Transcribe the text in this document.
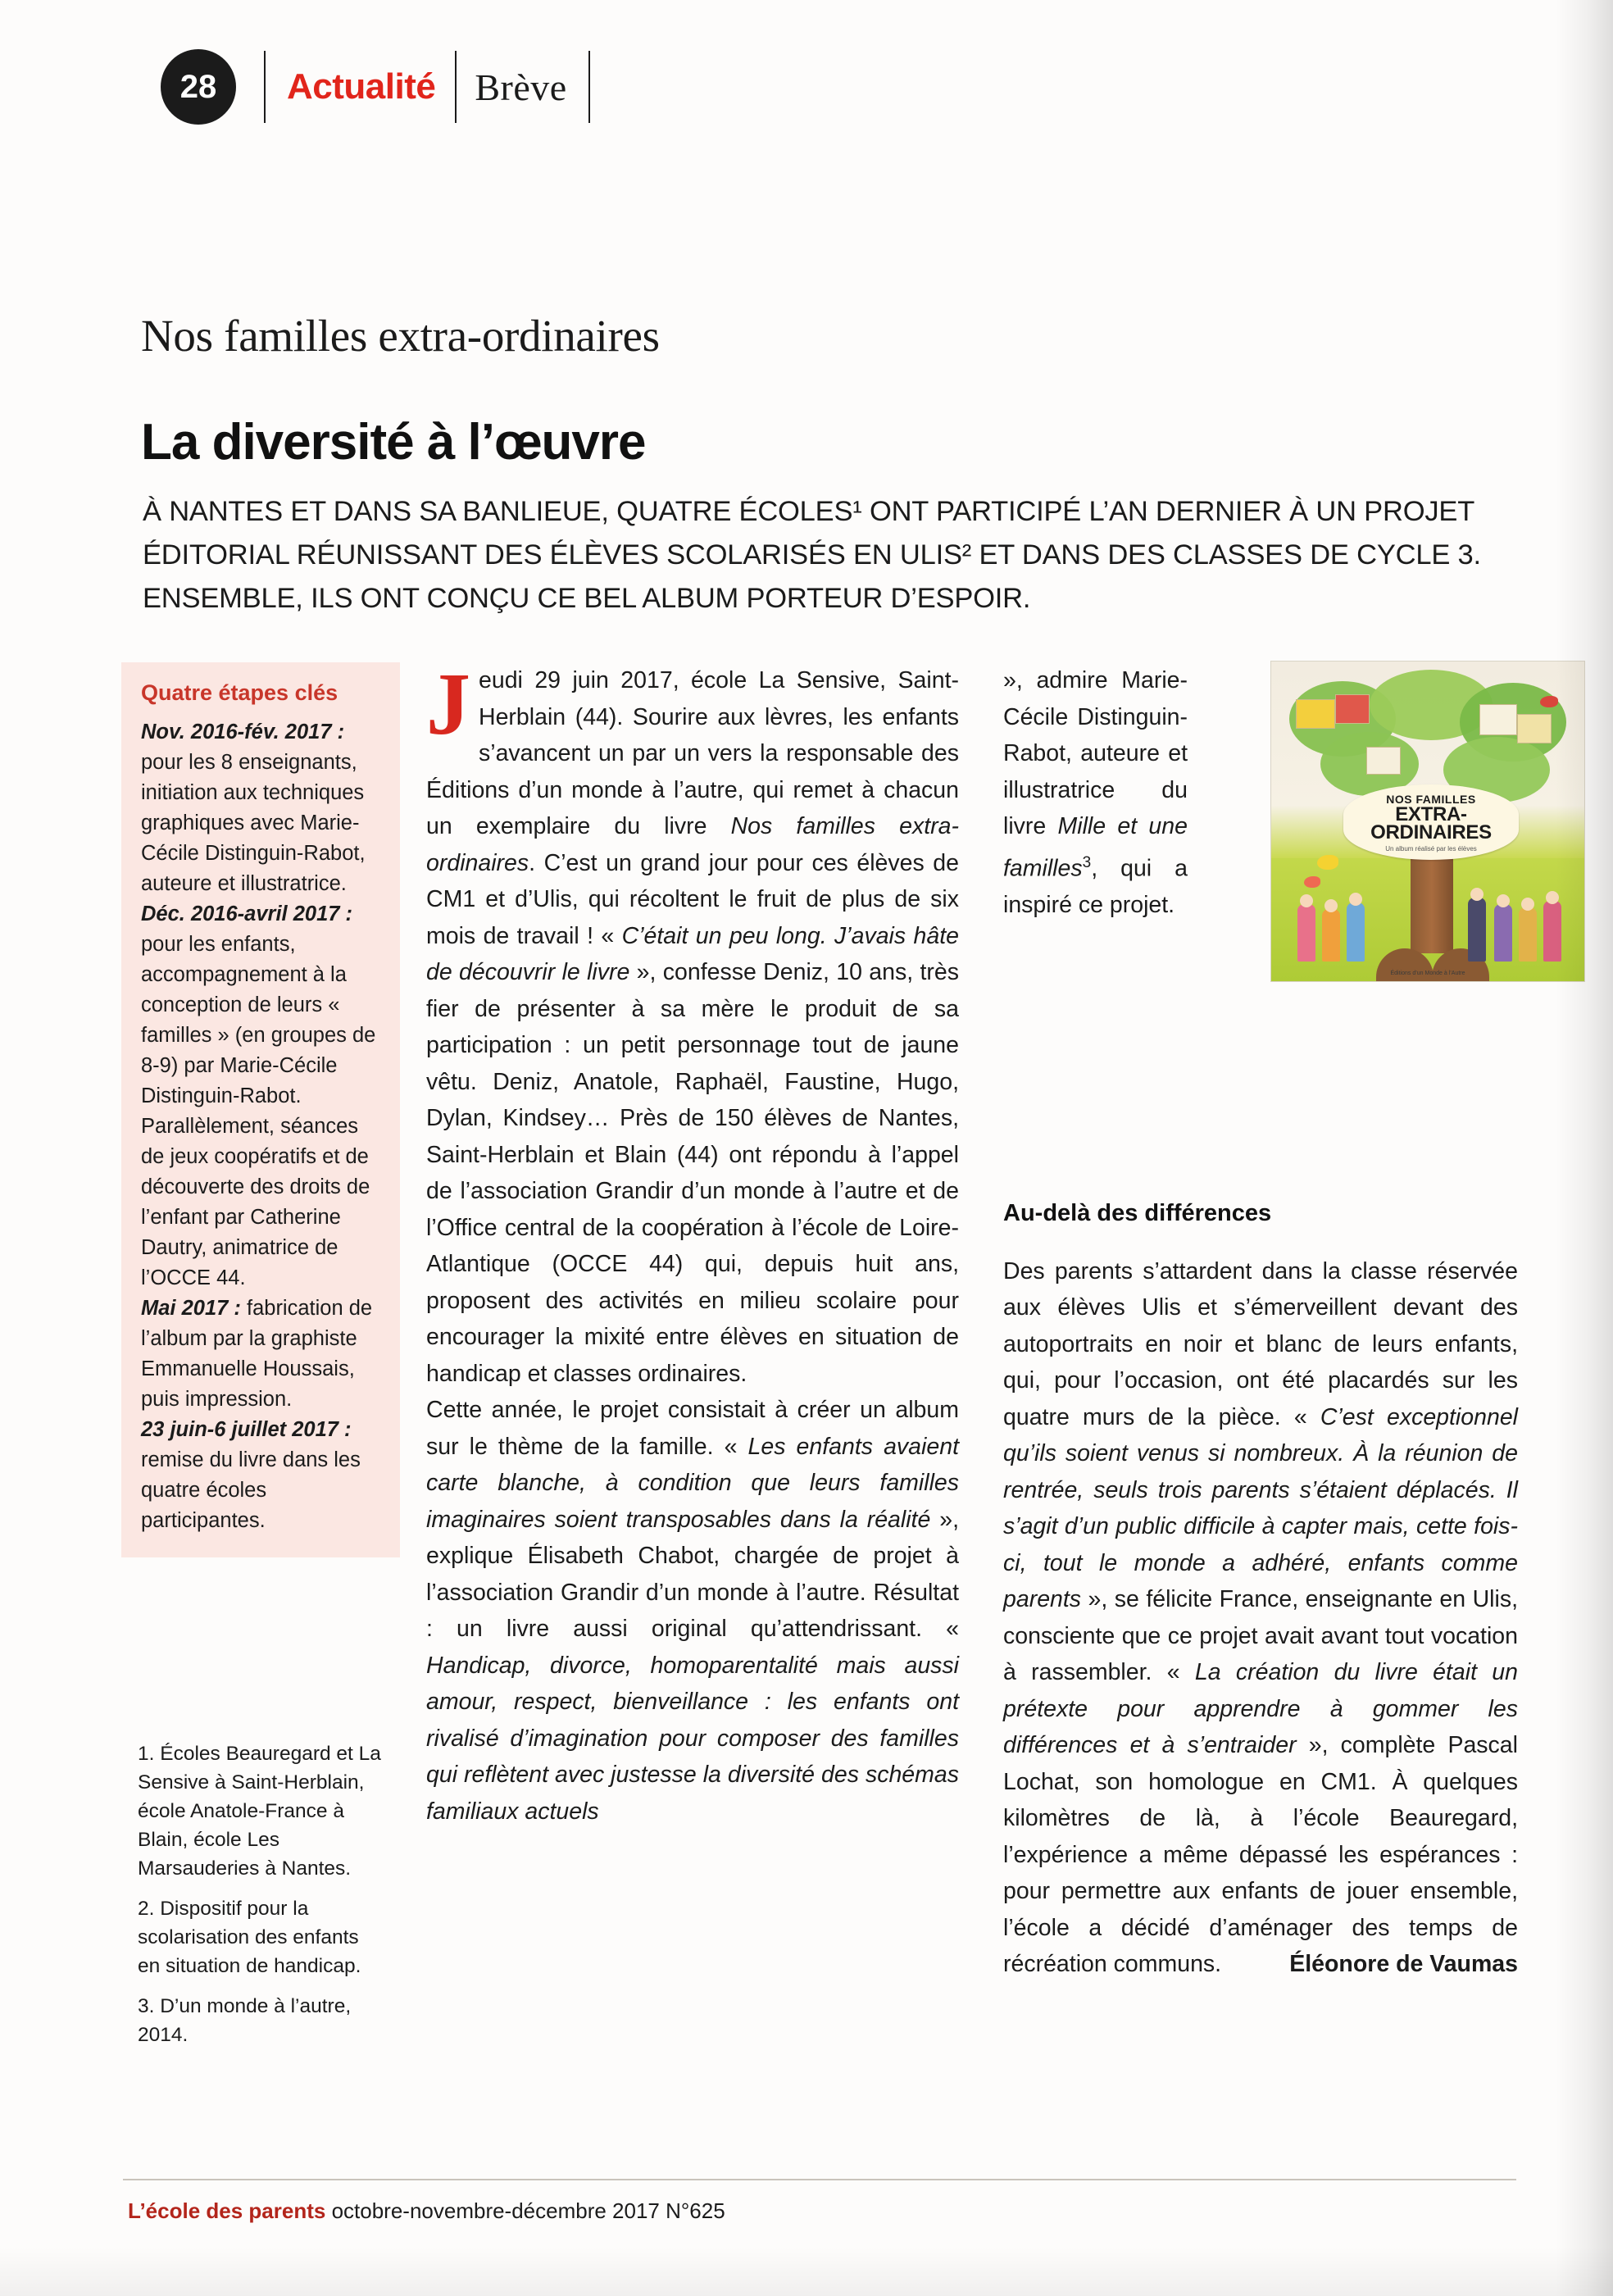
28	Actualité Brève
Nos familles extra-ordinaires
La diversité à l’œuvre
À NANTES ET DANS SA BANLIEUE, QUATRE ÉCOLES¹ ONT PARTICIPÉ L’AN DERNIER À UN PROJET ÉDITORIAL RÉUNISSANT DES ÉLÈVES SCOLARISÉS EN ULIS² ET DANS DES CLASSES DE CYCLE 3. ENSEMBLE, ILS ONT CONÇU CE BEL ALBUM PORTEUR D’ESPOIR.
Quatre étapes clés

Nov. 2016-fév. 2017 : pour les 8 enseignants, initiation aux techniques graphiques avec Marie-Cécile Distinguin-Rabot, auteure et illustratrice.

Déc. 2016-avril 2017 : pour les enfants, accompagnement à la conception de leurs « familles » (en groupes de 8-9) par Marie-Cécile Distinguin-Rabot. Parallèlement, séances de jeux coopératifs et de découverte des droits de l’enfant par Catherine Dautry, animatrice de l’OCCE 44.

Mai 2017 : fabrication de l’album par la graphiste Emmanuelle Houssais, puis impression.

23 juin-6 juillet 2017 : remise du livre dans les quatre écoles participantes.

1. Écoles Beauregard et La Sensive à Saint-Herblain, école Anatole-France à Blain, école Les Marsauderies à Nantes.

2. Dispositif pour la scolarisation des enfants en situation de handicap.

3. D’un monde à l’autre, 2014.

Jeudi 29 juin 2017, école La Sensive, Saint-Herblain (44). Sourire aux lèvres, les enfants s’avancent un par un vers la responsable des Éditions d’un monde à l’autre, qui remet à chacun un exemplaire du livre Nos familles extra-ordinaires. C’est un grand jour pour ces élèves de CM1 et d’Ulis, qui récoltent le fruit de plus de six mois de travail ! « C’était un peu long. J’avais hâte de découvrir le livre », confesse Deniz, 10 ans, très fier de présenter à sa mère le produit de sa participation : un petit personnage tout de jaune vêtu. Deniz, Anatole, Raphaël, Faustine, Hugo, Dylan, Kindsey… Près de 150 élèves de Nantes, Saint-Herblain et Blain (44) ont répondu à l’appel de l’association Grandir d’un monde à l’autre et de l’Office central de la coopération à l’école de Loire-Atlantique (OCCE 44) qui, depuis huit ans, proposent des activités en milieu scolaire pour encourager la mixité entre élèves en situation de handicap et classes ordinaires.

Cette année, le projet consistait à créer un album sur le thème de la famille. « Les enfants avaient carte blanche, à condition que leurs familles imaginaires soient transposables dans la réalité », explique Élisabeth Chabot, chargée de projet à l’association Grandir d’un monde à l’autre. Résultat : un livre aussi original qu’attendrissant. « Handicap, divorce, homoparentalité mais aussi amour, respect, bienveillance : les enfants ont rivalisé d’imagination pour composer des familles qui reflètent avec justesse la diversité des schémas familiaux actuels

», admire Marie-Cécile Distinguin-Rabot, auteure et illustratrice du livre Mille et une familles$^3$, qui a inspiré ce projet.
NOS FAMILLES
EXTRA-ORDINAIRES
Un album réalisé par les élèves
Éditions d’un Monde à l’Autre
Au-delà des différences

Des parents s’attardent dans la classe réservée aux élèves Ulis et s’émerveillent devant des autoportraits en noir et blanc de leurs enfants, qui, pour l’occasion, ont été placardés sur les quatre murs de la pièce. « C’est exceptionnel qu’ils soient venus si nombreux. À la réunion de rentrée, seuls trois parents s’étaient déplacés. Il s’agit d’un public difficile à capter mais, cette fois-ci, tout le monde a adhéré, enfants comme parents », se félicite France, enseignante en Ulis, consciente que ce projet avait avant tout vocation à rassembler. « La création du livre était un prétexte pour apprendre à gommer les différences et à s’entraider », complète Pascal Lochat, son homologue en CM1. À quelques kilomètres de là, à l’école Beauregard, l’expérience a même dépassé les espérances : pour permettre aux enfants de jouer ensemble, l’école a décidé d’aménager des temps de récréation communs.	Éléonore de Vaumas

L’école des parents octobre-novembre-décembre 2017 N°625
